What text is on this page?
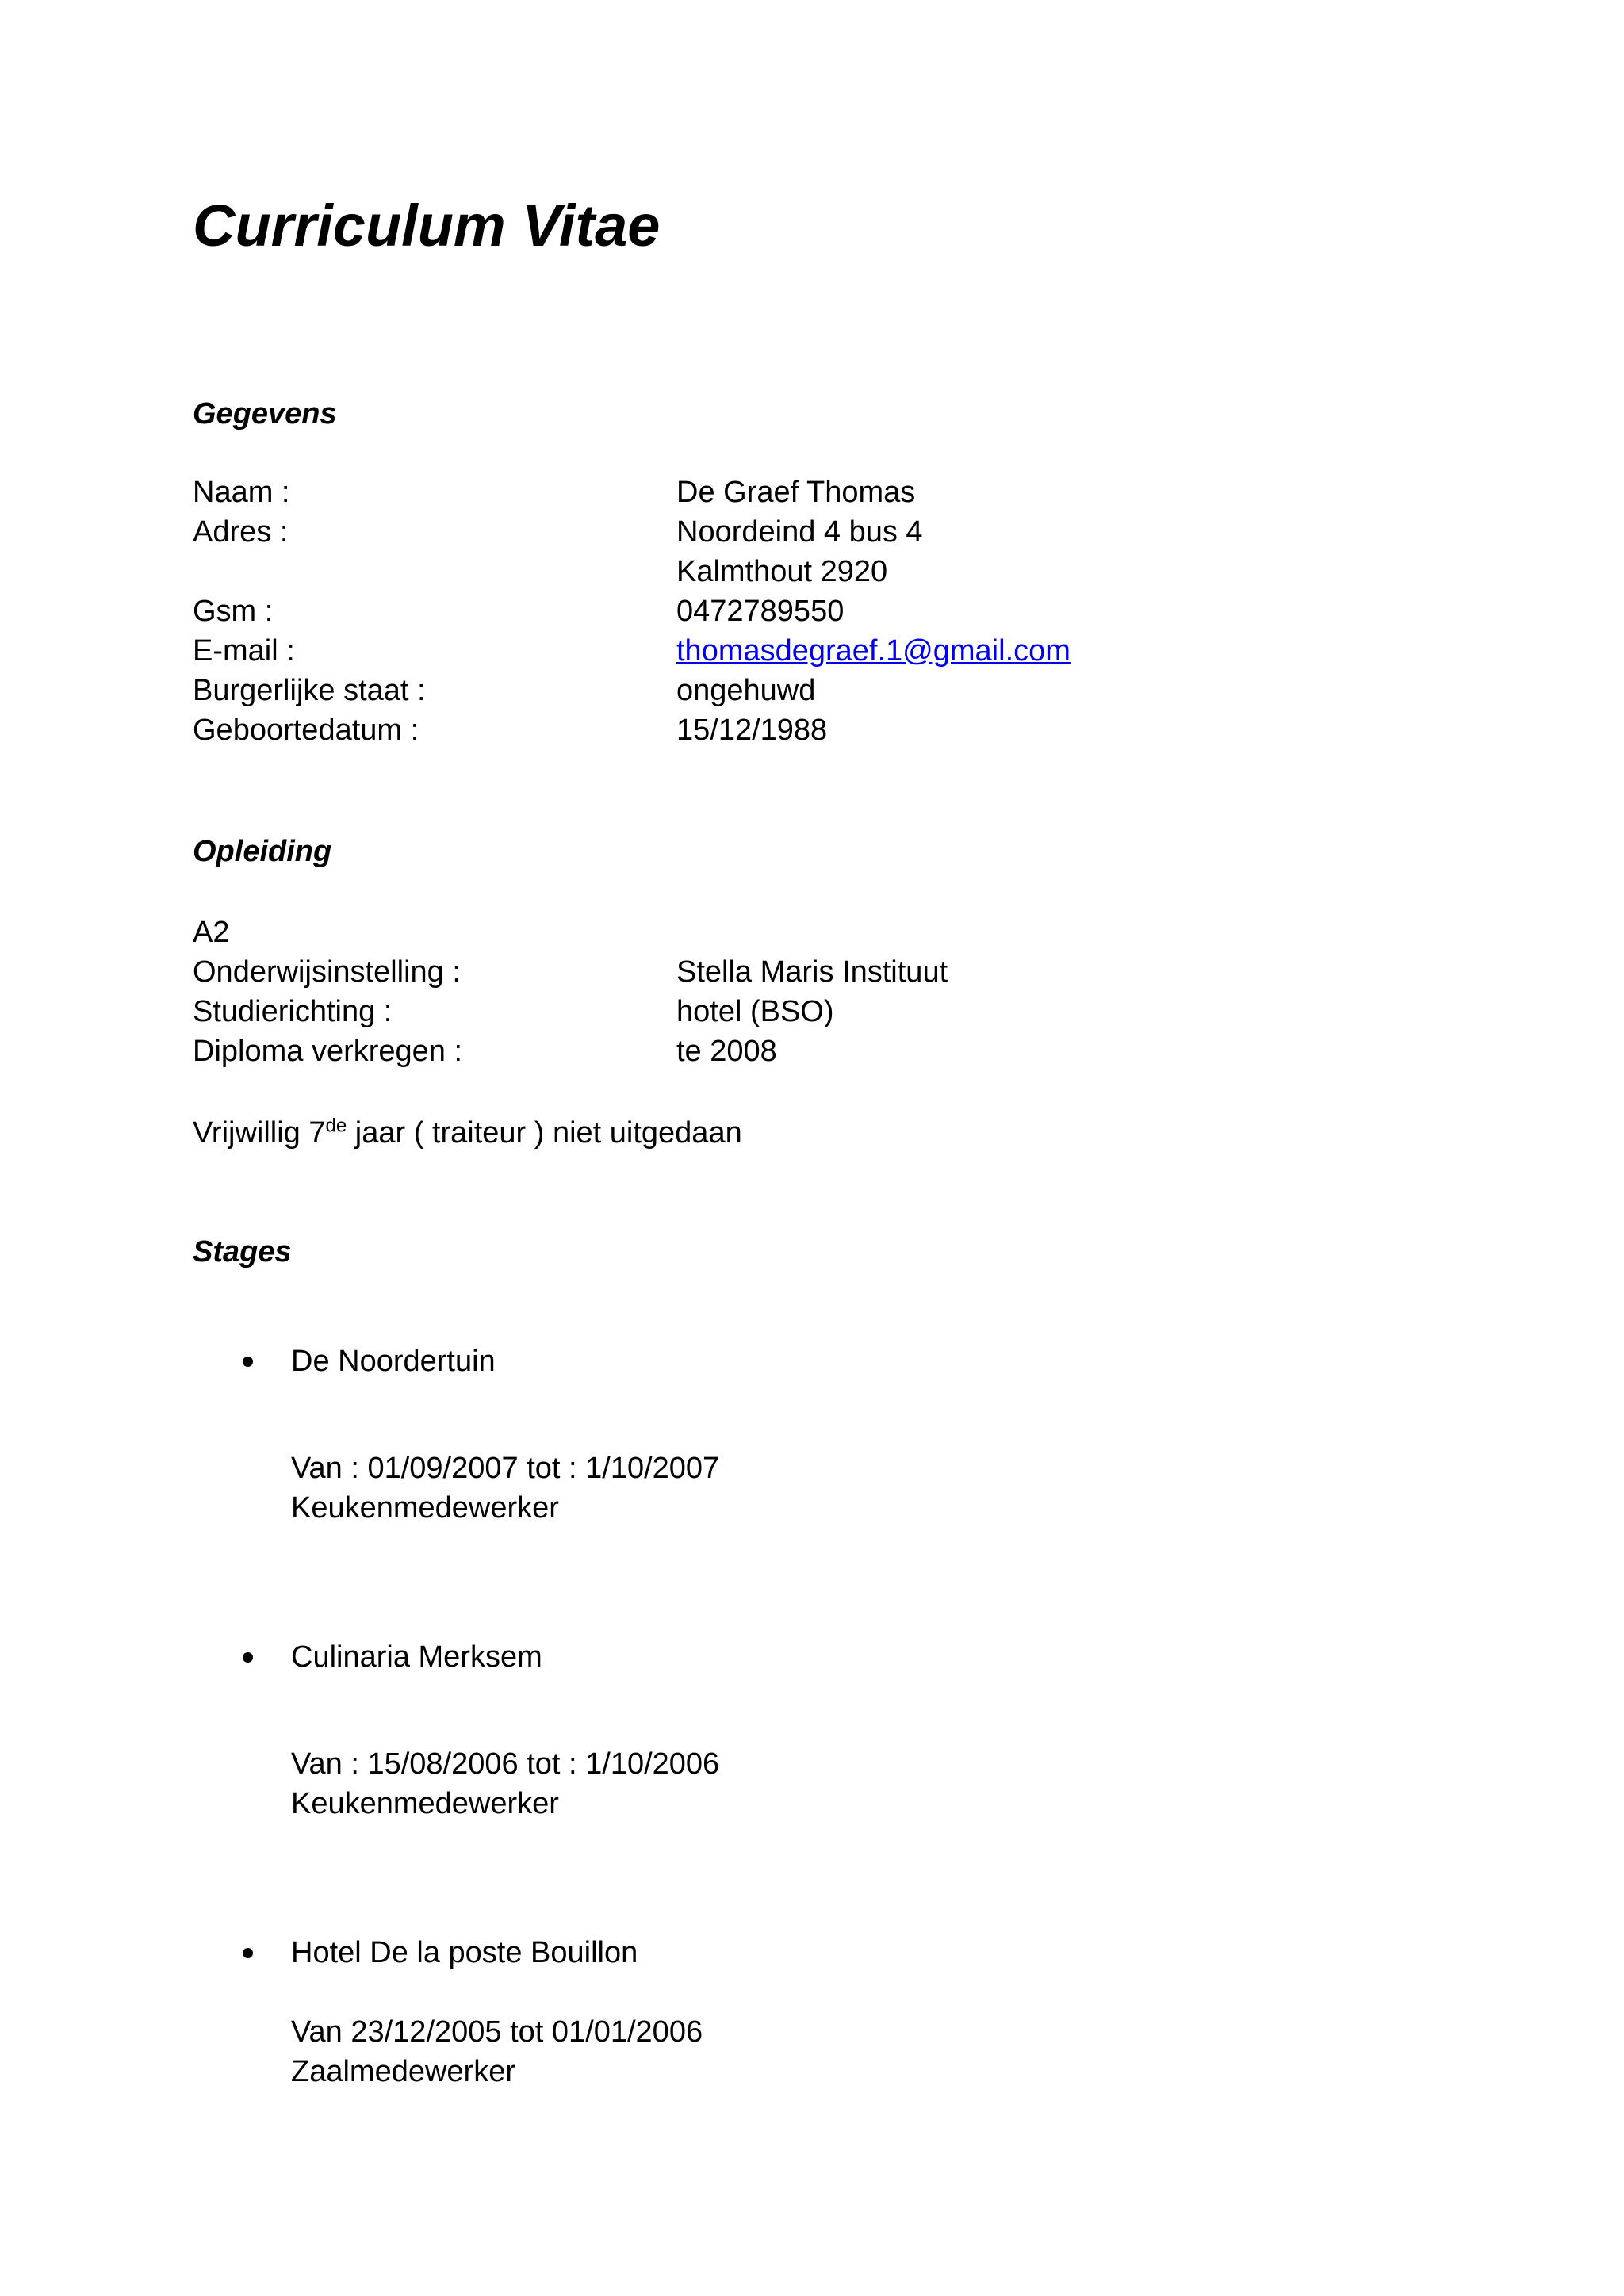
Curriculum Vitae
Gegevens
Naam :	De Graef Thomas
Adres :	Noordeind 4 bus 4
Kalmthout 2920
Gsm :	0472789550
E-mail :	thomasdegraef.1@gmail.com
Burgerlijke staat :	ongehuwd
Geboortedatum :	15/12/1988
Opleiding
A2
Onderwijsinstelling :	Stella Maris Instituut
Studierichting :	hotel (BSO)
Diploma verkregen :	te 2008
Vrijwillig 7de jaar ( traiteur ) niet uitgedaan
Stages
De Noordertuin
Van : 01/09/2007 tot : 1/10/2007
Keukenmedewerker
Culinaria Merksem
Van : 15/08/2006 tot : 1/10/2006
Keukenmedewerker
Hotel De la poste Bouillon
Van 23/12/2005 tot 01/01/2006
Zaalmedewerker
